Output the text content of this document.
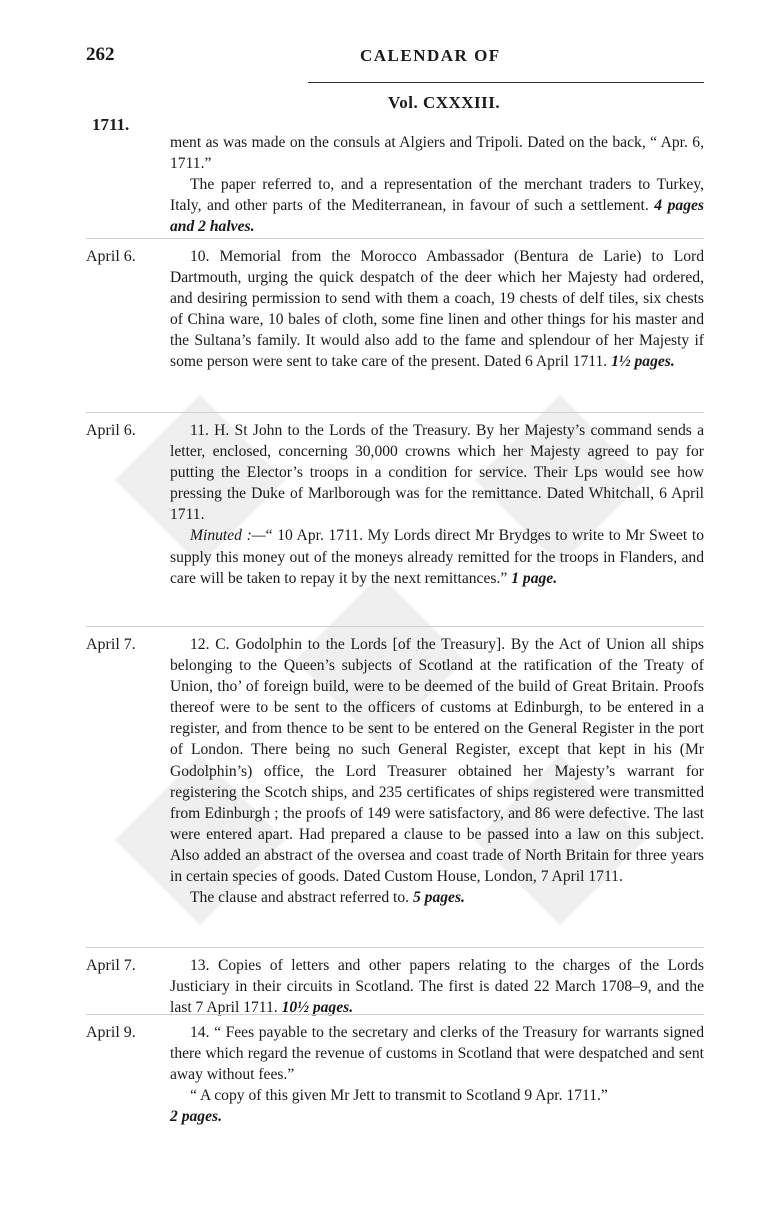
262	CALENDAR OF
1711.
Vol. CXXXIII.

ment as was made on the consuls at Algiers and Tripoli. Dated on the back, “ Apr. 6, 1711.”

The paper referred to, and a representation of the merchant traders to Turkey, Italy, and other parts of the Mediterranean, in favour of such a settlement. 4 pages and 2 halves.

April 6.	10. Memorial from the Morocco Ambassador (Bentura de Larie) to Lord Dartmouth, urging the quick despatch of the deer which her Majesty had ordered, and desiring permission to send with them a coach, 19 chests of delf tiles, six chests of China ware, 10 bales of cloth, some fine linen and other things for his master and the Sultana’s family. It would also add to the fame and splendour of her Majesty if some person were sent to take care of the present. Dated 6 April 1711. 1½ pages.

April 6.	11. H. St John to the Lords of the Treasury. By her Majesty’s command sends a letter, enclosed, concerning 30,000 crowns which her Majesty agreed to pay for putting the Elector’s troops in a condition for service. Their Lps would see how pressing the Duke of Marlborough was for the remittance. Dated Whitchall, 6 April 1711.

Minuted :—“ 10 Apr. 1711. My Lords direct Mr Brydges to write to Mr Sweet to supply this money out of the moneys already remitted for the troops in Flanders, and care will be taken to repay it by the next remittances.” 1 page.

April 7.	12. C. Godolphin to the Lords [of the Treasury]. By the Act of Union all ships belonging to the Queen’s subjects of Scotland at the ratification of the Treaty of Union, tho’ of foreign build, were to be deemed of the build of Great Britain. Proofs thereof were to be sent to the officers of customs at Edinburgh, to be entered in a register, and from thence to be sent to be entered on the General Register in the port of London. There being no such General Register, except that kept in his (Mr Godolphin’s) office, the Lord Treasurer obtained her Majesty’s warrant for registering the Scotch ships, and 235 certificates of ships registered were transmitted from Edinburgh ; the proofs of 149 were satisfactory, and 86 were defective. The last were entered apart. Had prepared a clause to be passed into a law on this subject. Also added an abstract of the oversea and coast trade of North Britain for three years in certain species of goods. Dated Custom House, London, 7 April 1711.

The clause and abstract referred to. 5 pages.

April 7.	13. Copies of letters and other papers relating to the charges of the Lords Justiciary in their circuits in Scotland. The first is dated 22 March 1708–9, and the last 7 April 1711. 10½ pages.

April 9.	14. “ Fees payable to the secretary and clerks of the Treasury for warrants signed there which regard the revenue of customs in Scotland that were despatched and sent away without fees.”

“ A copy of this given Mr Jett to transmit to Scotland 9 Apr. 1711.”

2 pages.
